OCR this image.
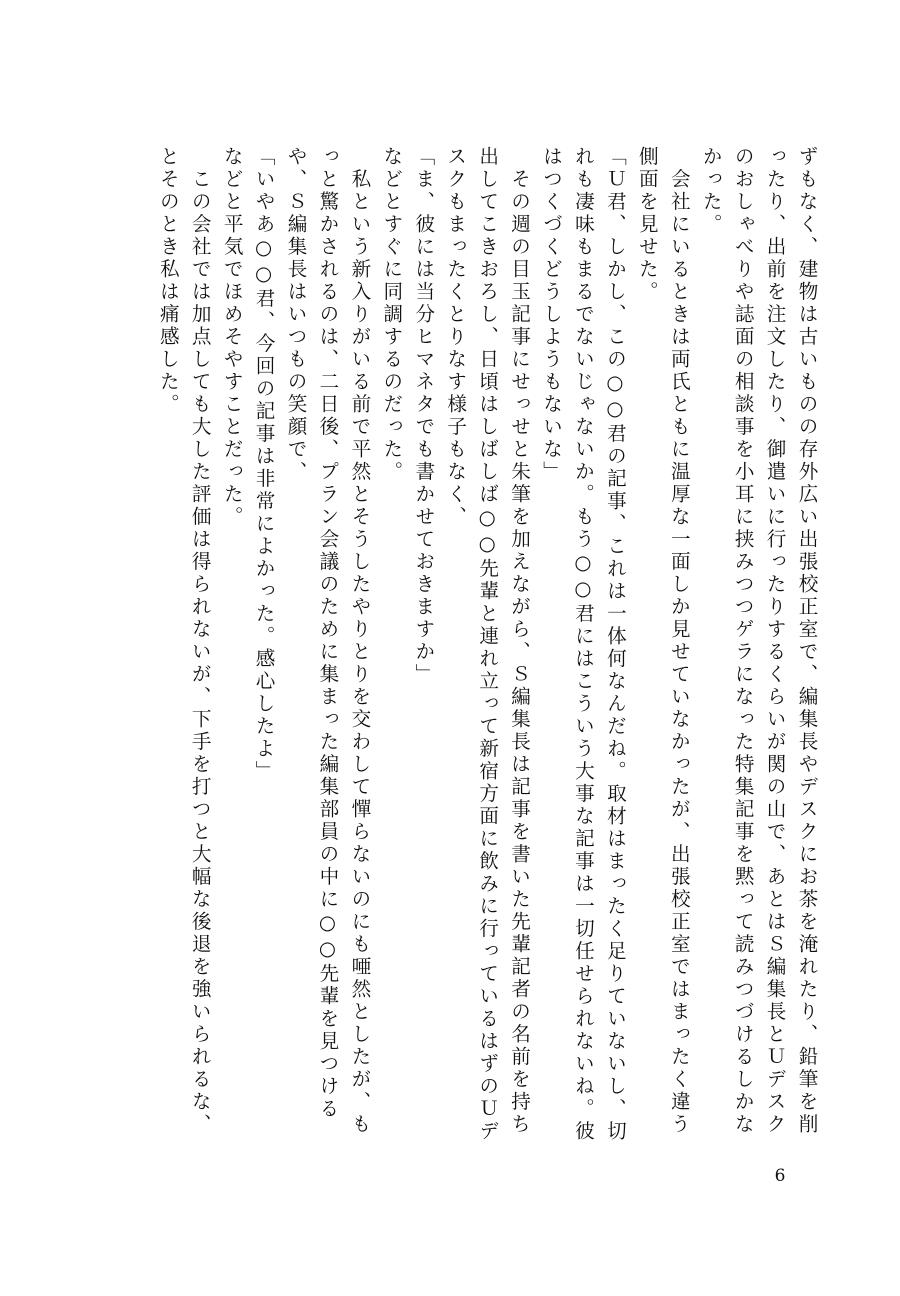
ずもなく、建物は古いものの存外広い出張校正室で、編集長やデスクにお茶を淹れたり、鉛筆を削ったり、出前を注文したり、御遣いに行ったりするくらいが関の山で、あとはＳ編集長とＵデスクのおしゃべりや誌面の相談事を小耳に挟みつつゲラになった特集記事を黙って読みつづけるしかなかった。

　会社にいるときは両氏ともに温厚な一面しか見せていなかったが、出張校正室ではまったく違う側面を見せた。

「Ｕ君、しかし、この○○君の記事、これは一体何なんだね。取材はまったく足りていないし、切れも凄味もまるでないじゃないか。もう○○君にはこういう大事な記事は一切任せられないね。彼はつくづくどうしようもないな」

　その週の目玉記事にせっせと朱筆を加えながら、Ｓ編集長は記事を書いた先輩記者の名前を持ち出してこきおろし、日頃はしばしば○○先輩と連れ立って新宿方面に飲みに行っているはずのＵデスクもまったくとりなす様子もなく、

「ま、彼には当分ヒマネタでも書かせておきますか」

などとすぐに同調するのだった。

　私という新入りがいる前で平然とそうしたやりとりを交わして憚らないのにも唖然としたが、もっと驚かされるのは、二日後、プラン会議のために集まった編集部員の中に○○先輩を見つけるや、Ｓ編集長はいつもの笑顔で、

「いやあ○○君、今回の記事は非常によかった。感心したよ」

などと平気でほめそやすことだった。

　この会社では加点しても大した評価は得られないが、下手を打つと大幅な後退を強いられるな、とそのとき私は痛感した。

6
